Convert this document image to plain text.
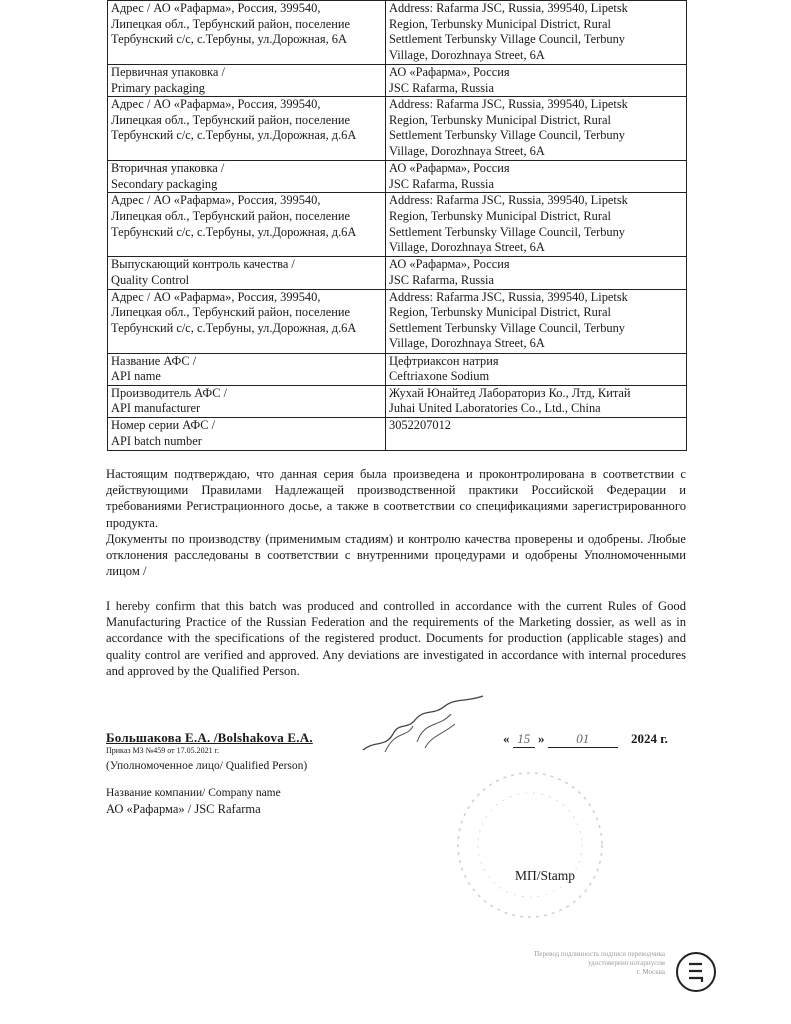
Адрес / АО «Рафарма», Россия, 399540,
Липецкая обл., Тербунский район, поселение
Тербунский с/с, с.Тербуны, ул.Дорожная, 6А	Address: Rafarma JSC, Russia, 399540, Lipetsk
Region, Terbunsky Municipal District, Rural
Settlement Terbunsky Village Council, Terbuny
Village, Dorozhnaya Street, 6A
Первичная упаковка /
Primary packaging	АО «Рафарма», Россия
JSC Rafarma, Russia
Адрес / АО «Рафарма», Россия, 399540,
Липецкая обл., Тербунский район, поселение
Тербунский с/с, с.Тербуны, ул.Дорожная, д.6А	Address: Rafarma JSC, Russia, 399540, Lipetsk
Region, Terbunsky Municipal District, Rural
Settlement Terbunsky Village Council, Terbuny
Village, Dorozhnaya Street, 6A
Вторичная упаковка /
Secondary packaging	АО «Рафарма», Россия
JSC Rafarma, Russia
Адрес / АО «Рафарма», Россия, 399540,
Липецкая обл., Тербунский район, поселение
Тербунский с/с, с.Тербуны, ул.Дорожная, д.6А	Address: Rafarma JSC, Russia, 399540, Lipetsk
Region, Terbunsky Municipal District, Rural
Settlement Terbunsky Village Council, Terbuny
Village, Dorozhnaya Street, 6A
Выпускающий контроль качества /
Quality Control	АО «Рафарма», Россия
JSC Rafarma, Russia
Адрес / АО «Рафарма», Россия, 399540,
Липецкая обл., Тербунский район, поселение
Тербунский с/с, с.Тербуны, ул.Дорожная, д.6А	Address: Rafarma JSC, Russia, 399540, Lipetsk
Region, Terbunsky Municipal District, Rural
Settlement Terbunsky Village Council, Terbuny
Village, Dorozhnaya Street, 6A
Название АФС /
API name	Цефтриаксон натрия
Ceftriaxone Sodium
Производитель АФС /
API manufacturer	Жухай Юнайтед Лабораториз Ко., Лтд, Китай
Juhai United Laboratories Co., Ltd., China
Номер серии АФС /
API batch number	3052207012

Настоящим подтверждаю, что данная серия была произведена и проконтролирована в соответствии с действующими Правилами Надлежащей производственной практики Российской Федерации и требованиями Регистрационного досье, а также в соответствии со спецификациями зарегистрированного продукта.

Документы по производству (применимым стадиям) и контролю качества проверены и одобрены. Любые отклонения расследованы в соответствии с внутренними процедурами и одобрены Уполномоченными лицом /

I hereby confirm that this batch was produced and controlled in accordance with the current Rules of Good Manufacturing Practice of the Russian Federation and the requirements of the Marketing dossier, as well as in accordance with the specifications of the registered product. Documents for production (applicable stages) and quality control are verified and approved. Any deviations are investigated in accordance with internal procedures and approved by the Qualified Person.
Большакова Е.А. /Bolshakova E.A.
Приказ МЗ №459 от 17.05.2021 г.
(Уполномоченное лицо/ Qualified Person)
« 15 » 01	2024 г.
Название компании/ Company name
АО «Рафарма» / JSC Rafarma
МП/Stamp
Перевод подлинность подписи переводчика
удостоверено нотариусом
г. Москва
